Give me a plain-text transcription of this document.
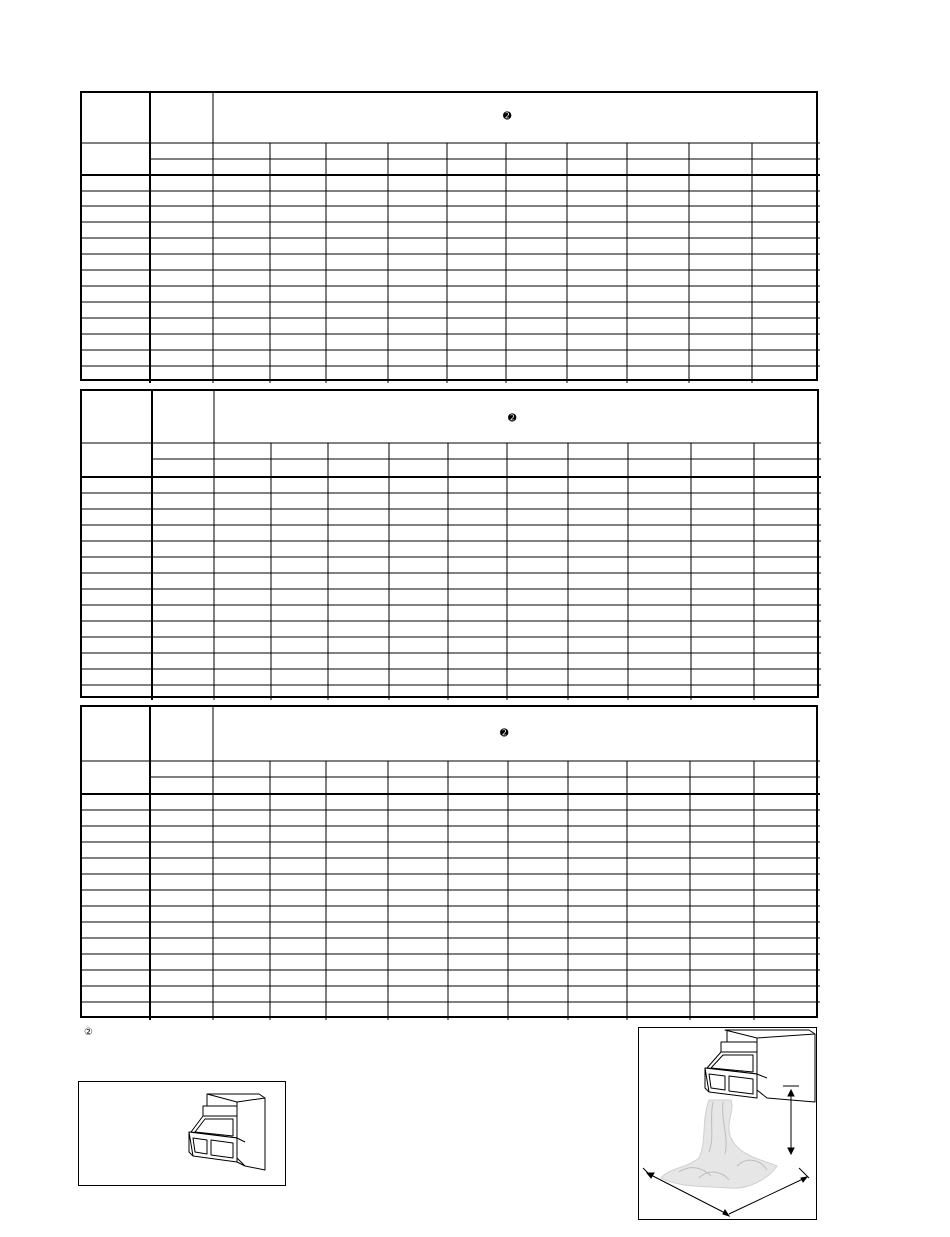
➋
➋
➋
②
